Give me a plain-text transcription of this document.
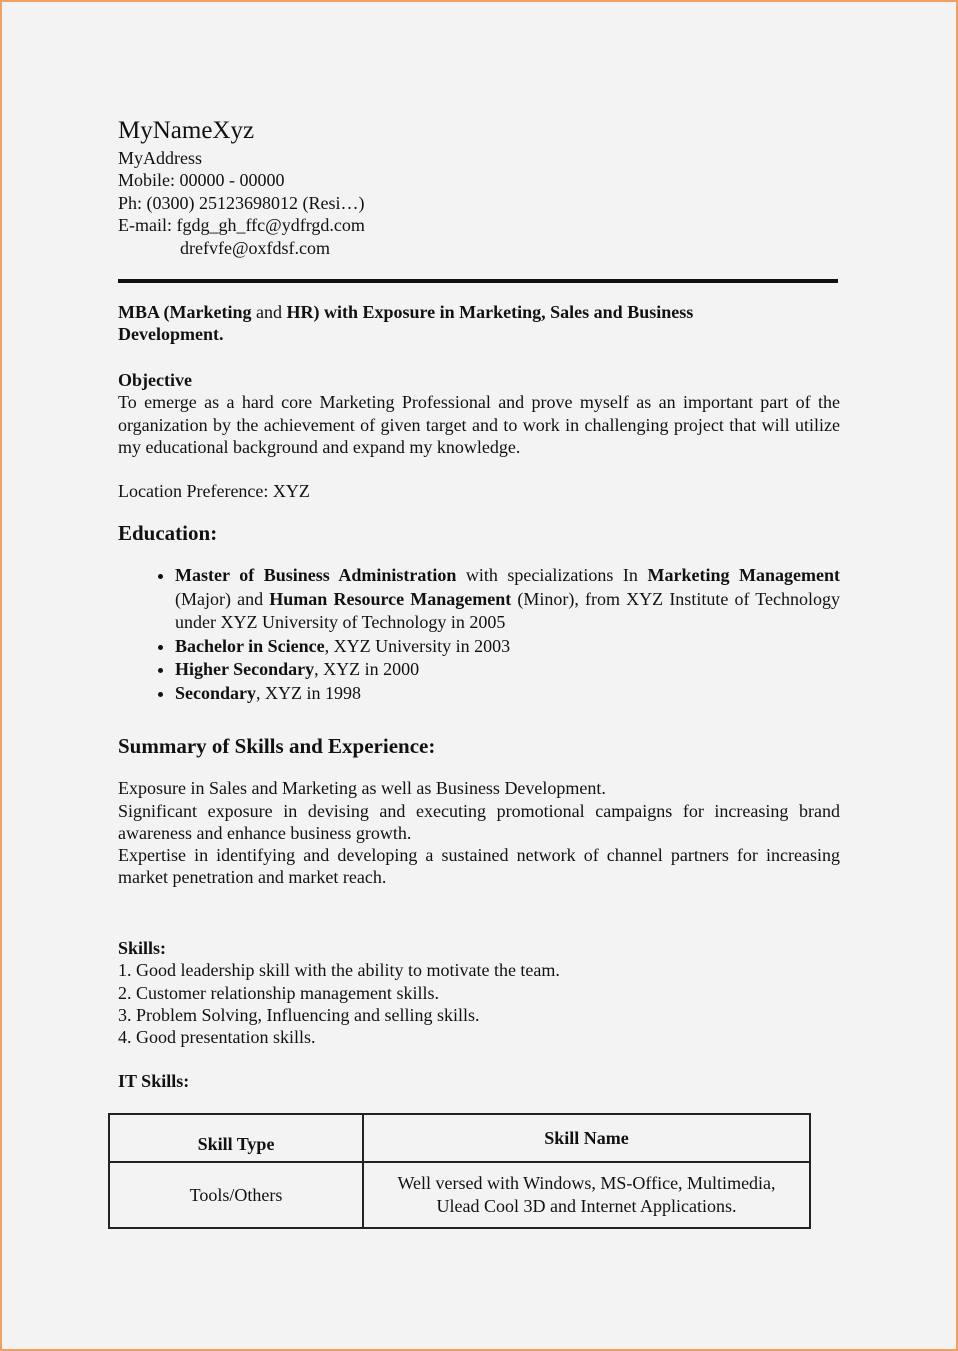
MyNameXyz
MyAddress
Mobile: 00000 - 00000
Ph: (0300) 25123698012 (Resi…)
E-mail: fgdg_gh_ffc@ydfrgd.com
drefvfe@oxfdsf.com
MBA (Marketing and HR) with Exposure in Marketing, Sales and Business Development.
Objective
To emerge as a hard core Marketing Professional and prove myself as an important part of the organization by the achievement of given target and to work in challenging project that will utilize my educational background and expand my knowledge.
Location Preference: XYZ
Education:
• Master of Business Administration with specializations In Marketing Management (Major) and Human Resource Management (Minor), from XYZ Institute of Technology under XYZ University of Technology in 2005
• Bachelor in Science, XYZ University in 2003
• Higher Secondary, XYZ in 2000
• Secondary, XYZ in 1998
Summary of Skills and Experience:
Exposure in Sales and Marketing as well as Business Development.
Significant exposure in devising and executing promotional campaigns for increasing brand awareness and enhance business growth.
Expertise in identifying and developing a sustained network of channel partners for increasing market penetration and market reach.
Skills:
1. Good leadership skill with the ability to motivate the team.
2. Customer relationship management skills.
3. Problem Solving, Influencing and selling skills.
4. Good presentation skills.
IT Skills:
Skill Type	Skill Name
Tools/Others	Well versed with Windows, MS-Office, Multimedia, Ulead Cool 3D and Internet Applications.
